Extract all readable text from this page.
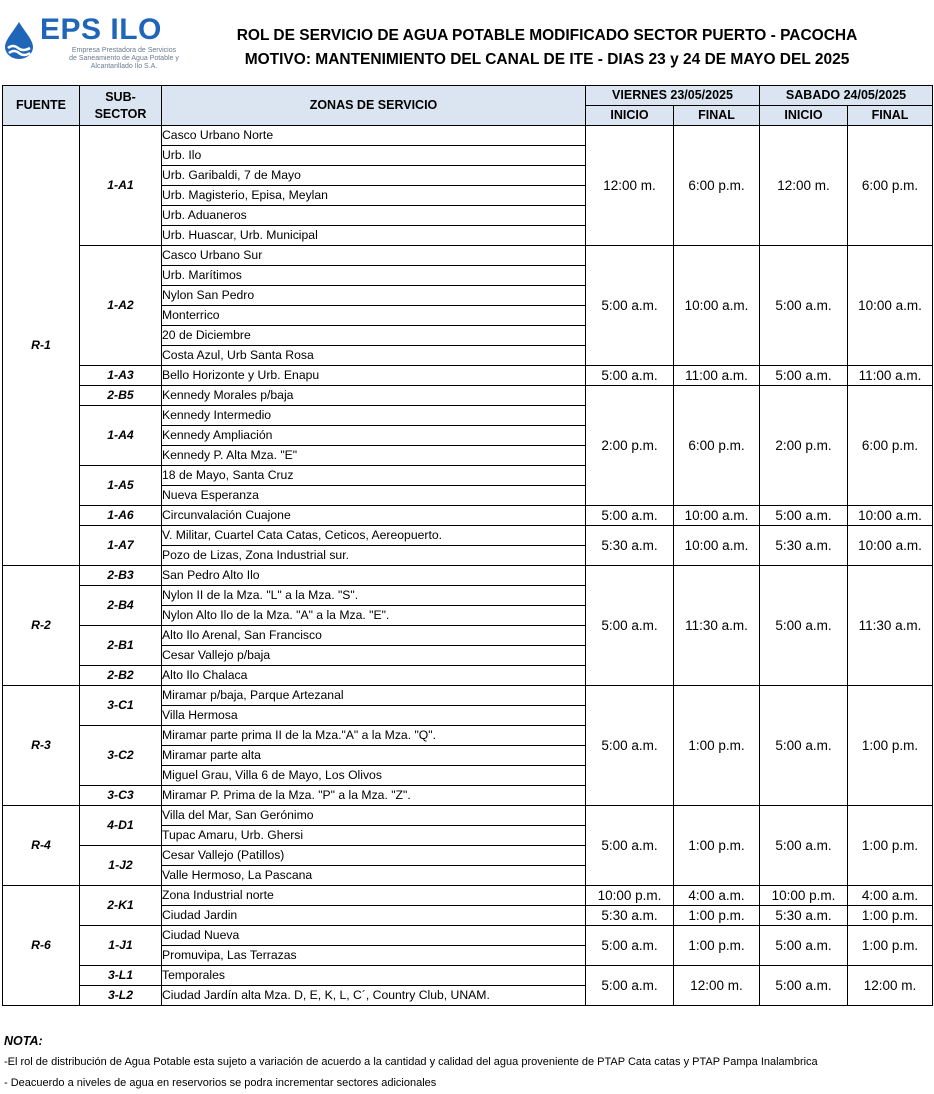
EPS ILO
Empresa Prestadora de Servicios de Saneamiento de Agua Potable y Alcantarillado Ilo S.A.
ROL DE SERVICIO DE AGUA POTABLE MODIFICADO SECTOR PUERTO - PACOCHA
MOTIVO: MANTENIMIENTO DEL CANAL DE ITE - DIAS 23 y 24 DE MAYO DEL 2025
FUENTE	SUB-SECTOR	ZONAS DE SERVICIO	VIERNES 23/05/2025		SABADO 24/05/2025	
			INICIO	FINAL	INICIO	FINAL
R-1	1-A1	Casco Urbano Norte	12:00 m.	6:00 p.m.	12:00 m.	6:00 p.m.
		Urb. Ilo				
		Urb. Garibaldi, 7 de Mayo				
		Urb. Magisterio, Episa, Meylan				
		Urb. Aduaneros				
		Urb. Huascar, Urb. Municipal				
	1-A2	Casco Urbano Sur	5:00 a.m.	10:00 a.m.	5:00 a.m.	10:00 a.m.
		Urb. Marítimos				
		Nylon San Pedro				
		Monterrico				
		20 de Diciembre				
		Costa Azul, Urb Santa Rosa				
	1-A3	Bello Horizonte y Urb. Enapu	5:00 a.m.	11:00 a.m.	5:00 a.m.	11:00 a.m.
	2-B5	Kennedy Morales p/baja	2:00 p.m.	6:00 p.m.	2:00 p.m.	6:00 p.m.
	1-A4	Kennedy Intermedio				
		Kennedy Ampliación				
		Kennedy P. Alta Mza. "E"				
	1-A5	18 de Mayo, Santa Cruz				
		Nueva Esperanza				
	1-A6	Circunvalación Cuajone	5:00 a.m.	10:00 a.m.	5:00 a.m.	10:00 a.m.
	1-A7	V. Militar, Cuartel Cata Catas, Ceticos, Aereopuerto.	5:30 a.m.	10:00 a.m.	5:30 a.m.	10:00 a.m.
		Pozo de Lizas, Zona Industrial sur.				
R-2	2-B3	San Pedro Alto Ilo	5:00 a.m.	11:30 a.m.	5:00 a.m.	11:30 a.m.
	2-B4	Nylon II de la Mza. "L" a la Mza. "S".				
		Nylon Alto Ilo de la Mza. "A" a la Mza. "E".				
	2-B1	Alto Ilo Arenal, San Francisco				
		Cesar Vallejo p/baja				
	2-B2	Alto Ilo Chalaca				
R-3	3-C1	Miramar p/baja, Parque Artezanal	5:00 a.m.	1:00 p.m.	5:00 a.m.	1:00 p.m.
		Villa Hermosa				
	3-C2	Miramar parte prima II de la Mza."A" a la Mza. "Q".				
		Miramar parte alta				
		Miguel Grau, Villa 6 de Mayo, Los Olivos				
	3-C3	Miramar P. Prima de la Mza. "P" a la Mza. "Z".				
R-4	4-D1	Villa del Mar, San Gerónimo	5:00 a.m.	1:00 p.m.	5:00 a.m.	1:00 p.m.
		Tupac Amaru, Urb. Ghersi				
	1-J2	Cesar Vallejo (Patillos)				
		Valle Hermoso, La Pascana				
R-6	2-K1	Zona Industrial norte	10:00 p.m.	4:00 a.m.	10:00 p.m.	4:00 a.m.
		Ciudad Jardin	5:30 a.m.	1:00 p.m.	5:30 a.m.	1:00 p.m.
	1-J1	Ciudad Nueva	5:00 a.m.	1:00 p.m.	5:00 a.m.	1:00 p.m.
		Promuvipa, Las Terrazas				
	3-L1	Temporales	5:00 a.m.	12:00 m.	5:00 a.m.	12:00 m.
	3-L2	Ciudad Jardín alta Mza. D, E, K, L, C´, Country Club, UNAM.				
NOTA:
-El rol de distribución de Agua Potable esta sujeto a variación de acuerdo a la cantidad y calidad del agua proveniente de PTAP Cata catas y PTAP Pampa Inalambrica
- Deacuerdo a niveles de agua en reservorios se podra incrementar sectores adicionales
